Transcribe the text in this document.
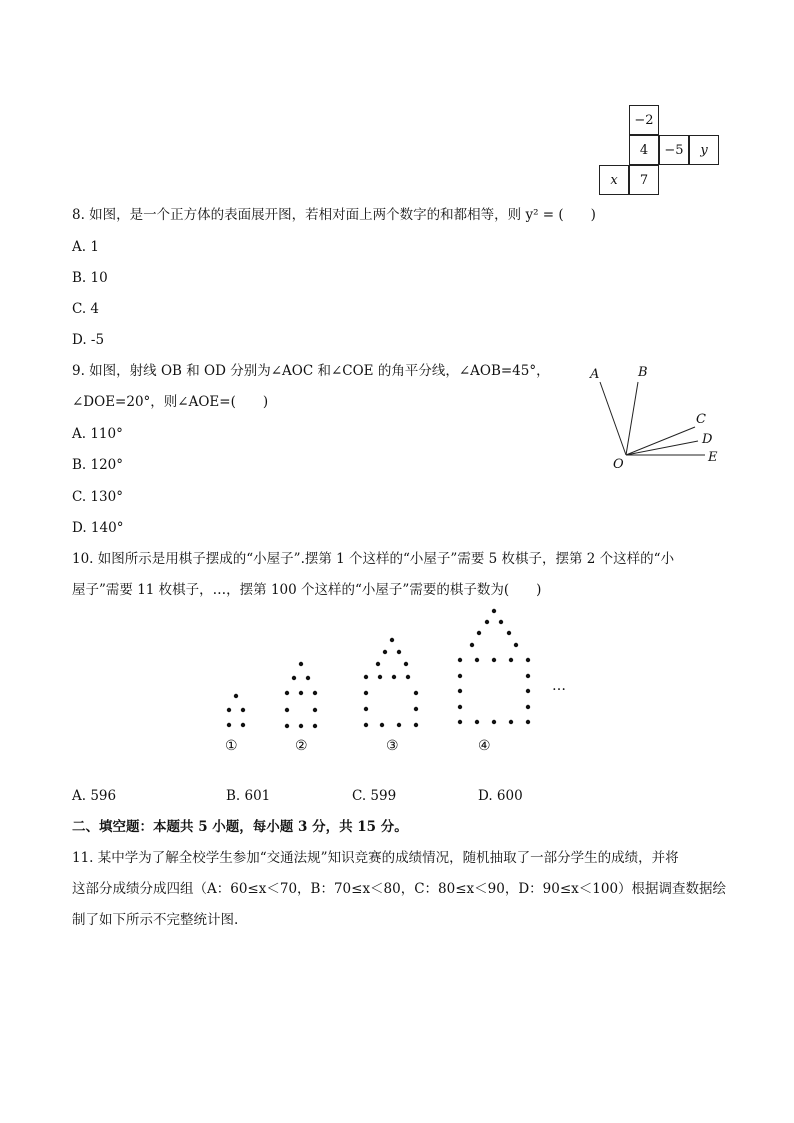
−2
4	−5	y
x	7
8. 如图，是一个正方体的表面展开图，若相对面上两个数字的和都相等，则 y² = (　　)
A. 1
B. 10
C. 4
D. -5
9. 如图，射线 OB 和 OD 分别为∠AOC 和∠COE 的角平分线，∠AOB=45°，
∠DOE=20°，则∠AOE=(　　)
A. 110°
B. 120°
C. 130°
D. 140°
A	B
C
D
E
O
10. 如图所示是用棋子摆成的“小屋子”.摆第 1 个这样的“小屋子”需要 5 枚棋子，摆第 2 个这样的“小
屋子”需要 11 枚棋子，…，摆第 100 个这样的“小屋子”需要的棋子数为(　　)
①	②	③	④
…
A. 596	B. 601	C. 599	D. 600
二、填空题：本题共 5 小题，每小题 3 分，共 15 分。
11. 某中学为了解全校学生参加“交通法规”知识竞赛的成绩情况，随机抽取了一部分学生的成绩，并将
这部分成绩分成四组（A：60≤x＜70，B：70≤x＜80，C：80≤x＜90，D：90≤x＜100）根据调查数据绘
制了如下所示不完整统计图.
